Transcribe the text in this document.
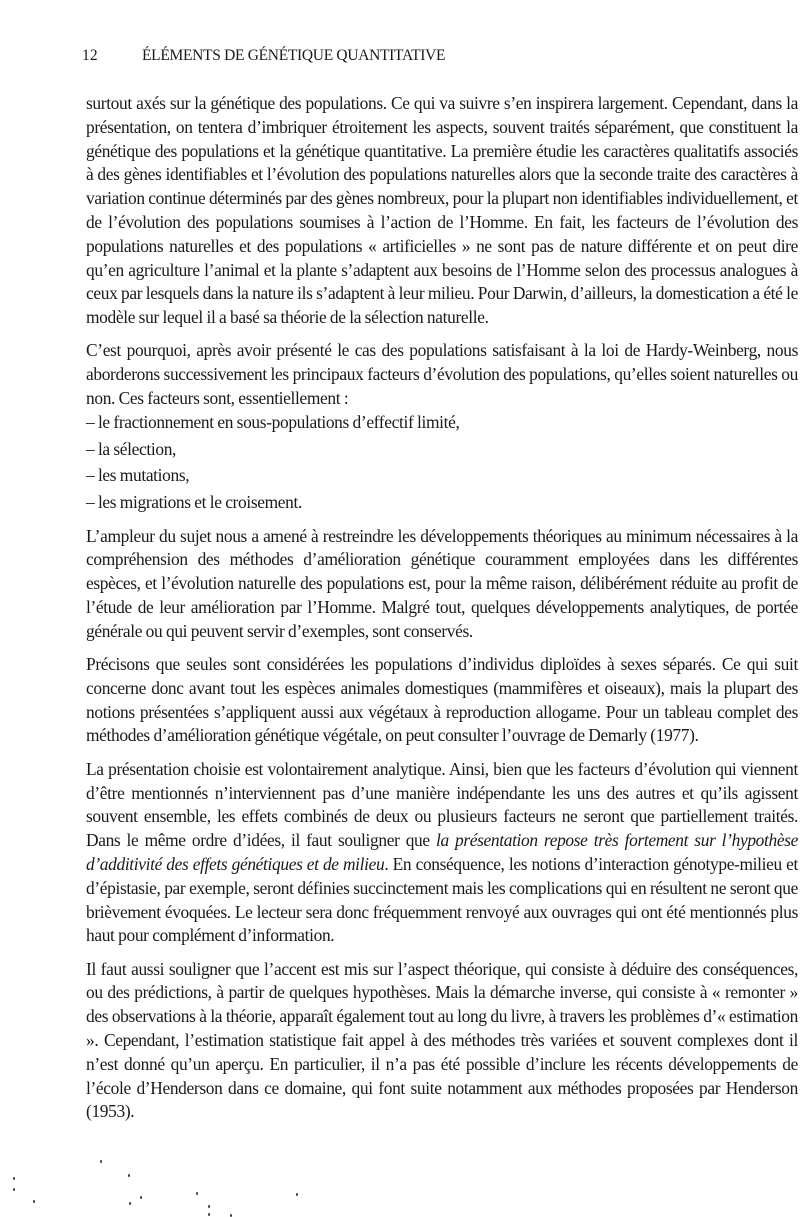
12	ÉLÉMENTS DE GÉNÉTIQUE QUANTITATIVE

surtout axés sur la génétique des populations. Ce qui va suivre s’en inspirera largement. Cependant, dans la présentation, on tentera d’imbriquer étroitement les aspects, souvent traités séparément, que constituent la génétique des populations et la génétique quantitative. La première étudie les caractères qualitatifs associés à des gènes identifiables et l’évolution des populations naturelles alors que la seconde traite des caractères à variation continue déterminés par des gènes nombreux, pour la plupart non identifiables individuellement, et de l’évolution des populations soumises à l’action de l’Homme. En fait, les facteurs de l’évolution des populations naturelles et des populations « artificielles » ne sont pas de nature différente et on peut dire qu’en agriculture l’animal et la plante s’adaptent aux besoins de l’Homme selon des processus analogues à ceux par lesquels dans la nature ils s’adaptent à leur milieu. Pour Darwin, d’ailleurs, la domestication a été le modèle sur lequel il a basé sa théorie de la sélection naturelle.

C’est pourquoi, après avoir présenté le cas des populations satisfaisant à la loi de Hardy-Weinberg, nous aborderons successivement les principaux facteurs d’évolution des populations, qu’elles soient naturelles ou non. Ces facteurs sont, essentiellement :

– le fractionnement en sous-populations d’effectif limité,
– la sélection,
– les mutations,
– les migrations et le croisement.

L’ampleur du sujet nous a amené à restreindre les développements théoriques au minimum nécessaires à la compréhension des méthodes d’amélioration génétique couramment employées dans les différentes espèces, et l’évolution naturelle des populations est, pour la même raison, délibérément réduite au profit de l’étude de leur amélioration par l’Homme. Malgré tout, quelques développements analytiques, de portée générale ou qui peuvent servir d’exemples, sont conservés.

Précisons que seules sont considérées les populations d’individus diploïdes à sexes séparés. Ce qui suit concerne donc avant tout les espèces animales domestiques (mammifères et oiseaux), mais la plupart des notions présentées s’appliquent aussi aux végétaux à reproduction allogame. Pour un tableau complet des méthodes d’amélioration génétique végétale, on peut consulter l’ouvrage de Demarly (1977).

La présentation choisie est volontairement analytique. Ainsi, bien que les facteurs d’évolution qui viennent d’être mentionnés n’interviennent pas d’une manière indépendante les uns des autres et qu’ils agissent souvent ensemble, les effets combinés de deux ou plusieurs facteurs ne seront que partiellement traités. Dans le même ordre d’idées, il faut souligner que la présentation repose très fortement sur l’hypothèse d’additivité des effets génétiques et de milieu. En conséquence, les notions d’interaction génotype-milieu et d’épistasie, par exemple, seront définies succinctement mais les complications qui en résultent ne seront que brièvement évoquées. Le lecteur sera donc fréquemment renvoyé aux ouvrages qui ont été mentionnés plus haut pour complément d’information.

Il faut aussi souligner que l’accent est mis sur l’aspect théorique, qui consiste à déduire des conséquences, ou des prédictions, à partir de quelques hypothèses. Mais la démarche inverse, qui consiste à « remonter » des observations à la théorie, apparaît également tout au long du livre, à travers les problèmes d’« estimation ». Cependant, l’estimation statistique fait appel à des méthodes très variées et souvent complexes dont il n’est donné qu’un aperçu. En particulier, il n’a pas été possible d’inclure les récents développements de l’école d’Henderson dans ce domaine, qui font suite notamment aux méthodes proposées par Henderson (1953).
